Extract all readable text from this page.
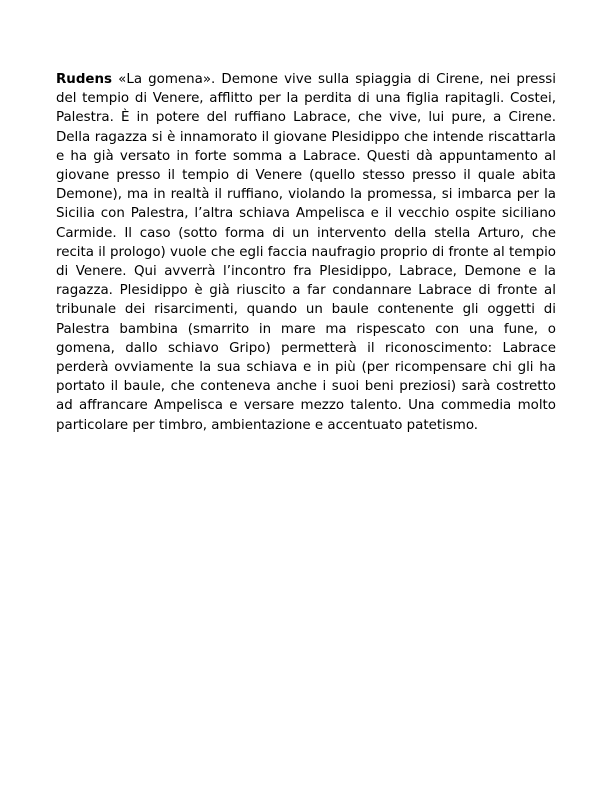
Rudens «La gomena». Demone vive sulla spiaggia di Cirene, nei pressi del tempio di Venere, afflitto per la perdita di una figlia rapitagli. Costei, Palestra. È in potere del ruffiano Labrace, che vive, lui pure, a Cirene. Della ragazza si è innamorato il giovane Plesidippo che intende riscattarla e ha già versato in forte somma a Labrace. Questi dà appuntamento al giovane presso il tempio di Venere (quello stesso presso il quale abita Demone), ma in realtà il ruffiano, violando la promessa, si imbarca per la Sicilia con Palestra, l’altra schiava Ampelisca e il vecchio ospite siciliano Carmide. Il caso (sotto forma di un intervento della stella Arturo, che recita il prologo) vuole che egli faccia naufragio proprio di fronte al tempio di Venere. Qui avverrà l’incontro fra Plesidippo, Labrace, Demone e la ragazza. Plesidippo è già riuscito a far condannare Labrace di fronte al tribunale dei risarcimenti, quando un baule contenente gli oggetti di Palestra bambina (smarrito in mare ma rispescato con una fune, o gomena, dallo schiavo Gripo) permetterà il riconoscimento: Labrace perderà ovviamente la sua schiava e in più (per ricompensare chi gli ha portato il baule, che conteneva anche i suoi beni preziosi) sarà costretto ad affrancare Ampelisca e versare mezzo talento. Una commedia molto particolare per timbro, ambientazione e accentuato patetismo.
